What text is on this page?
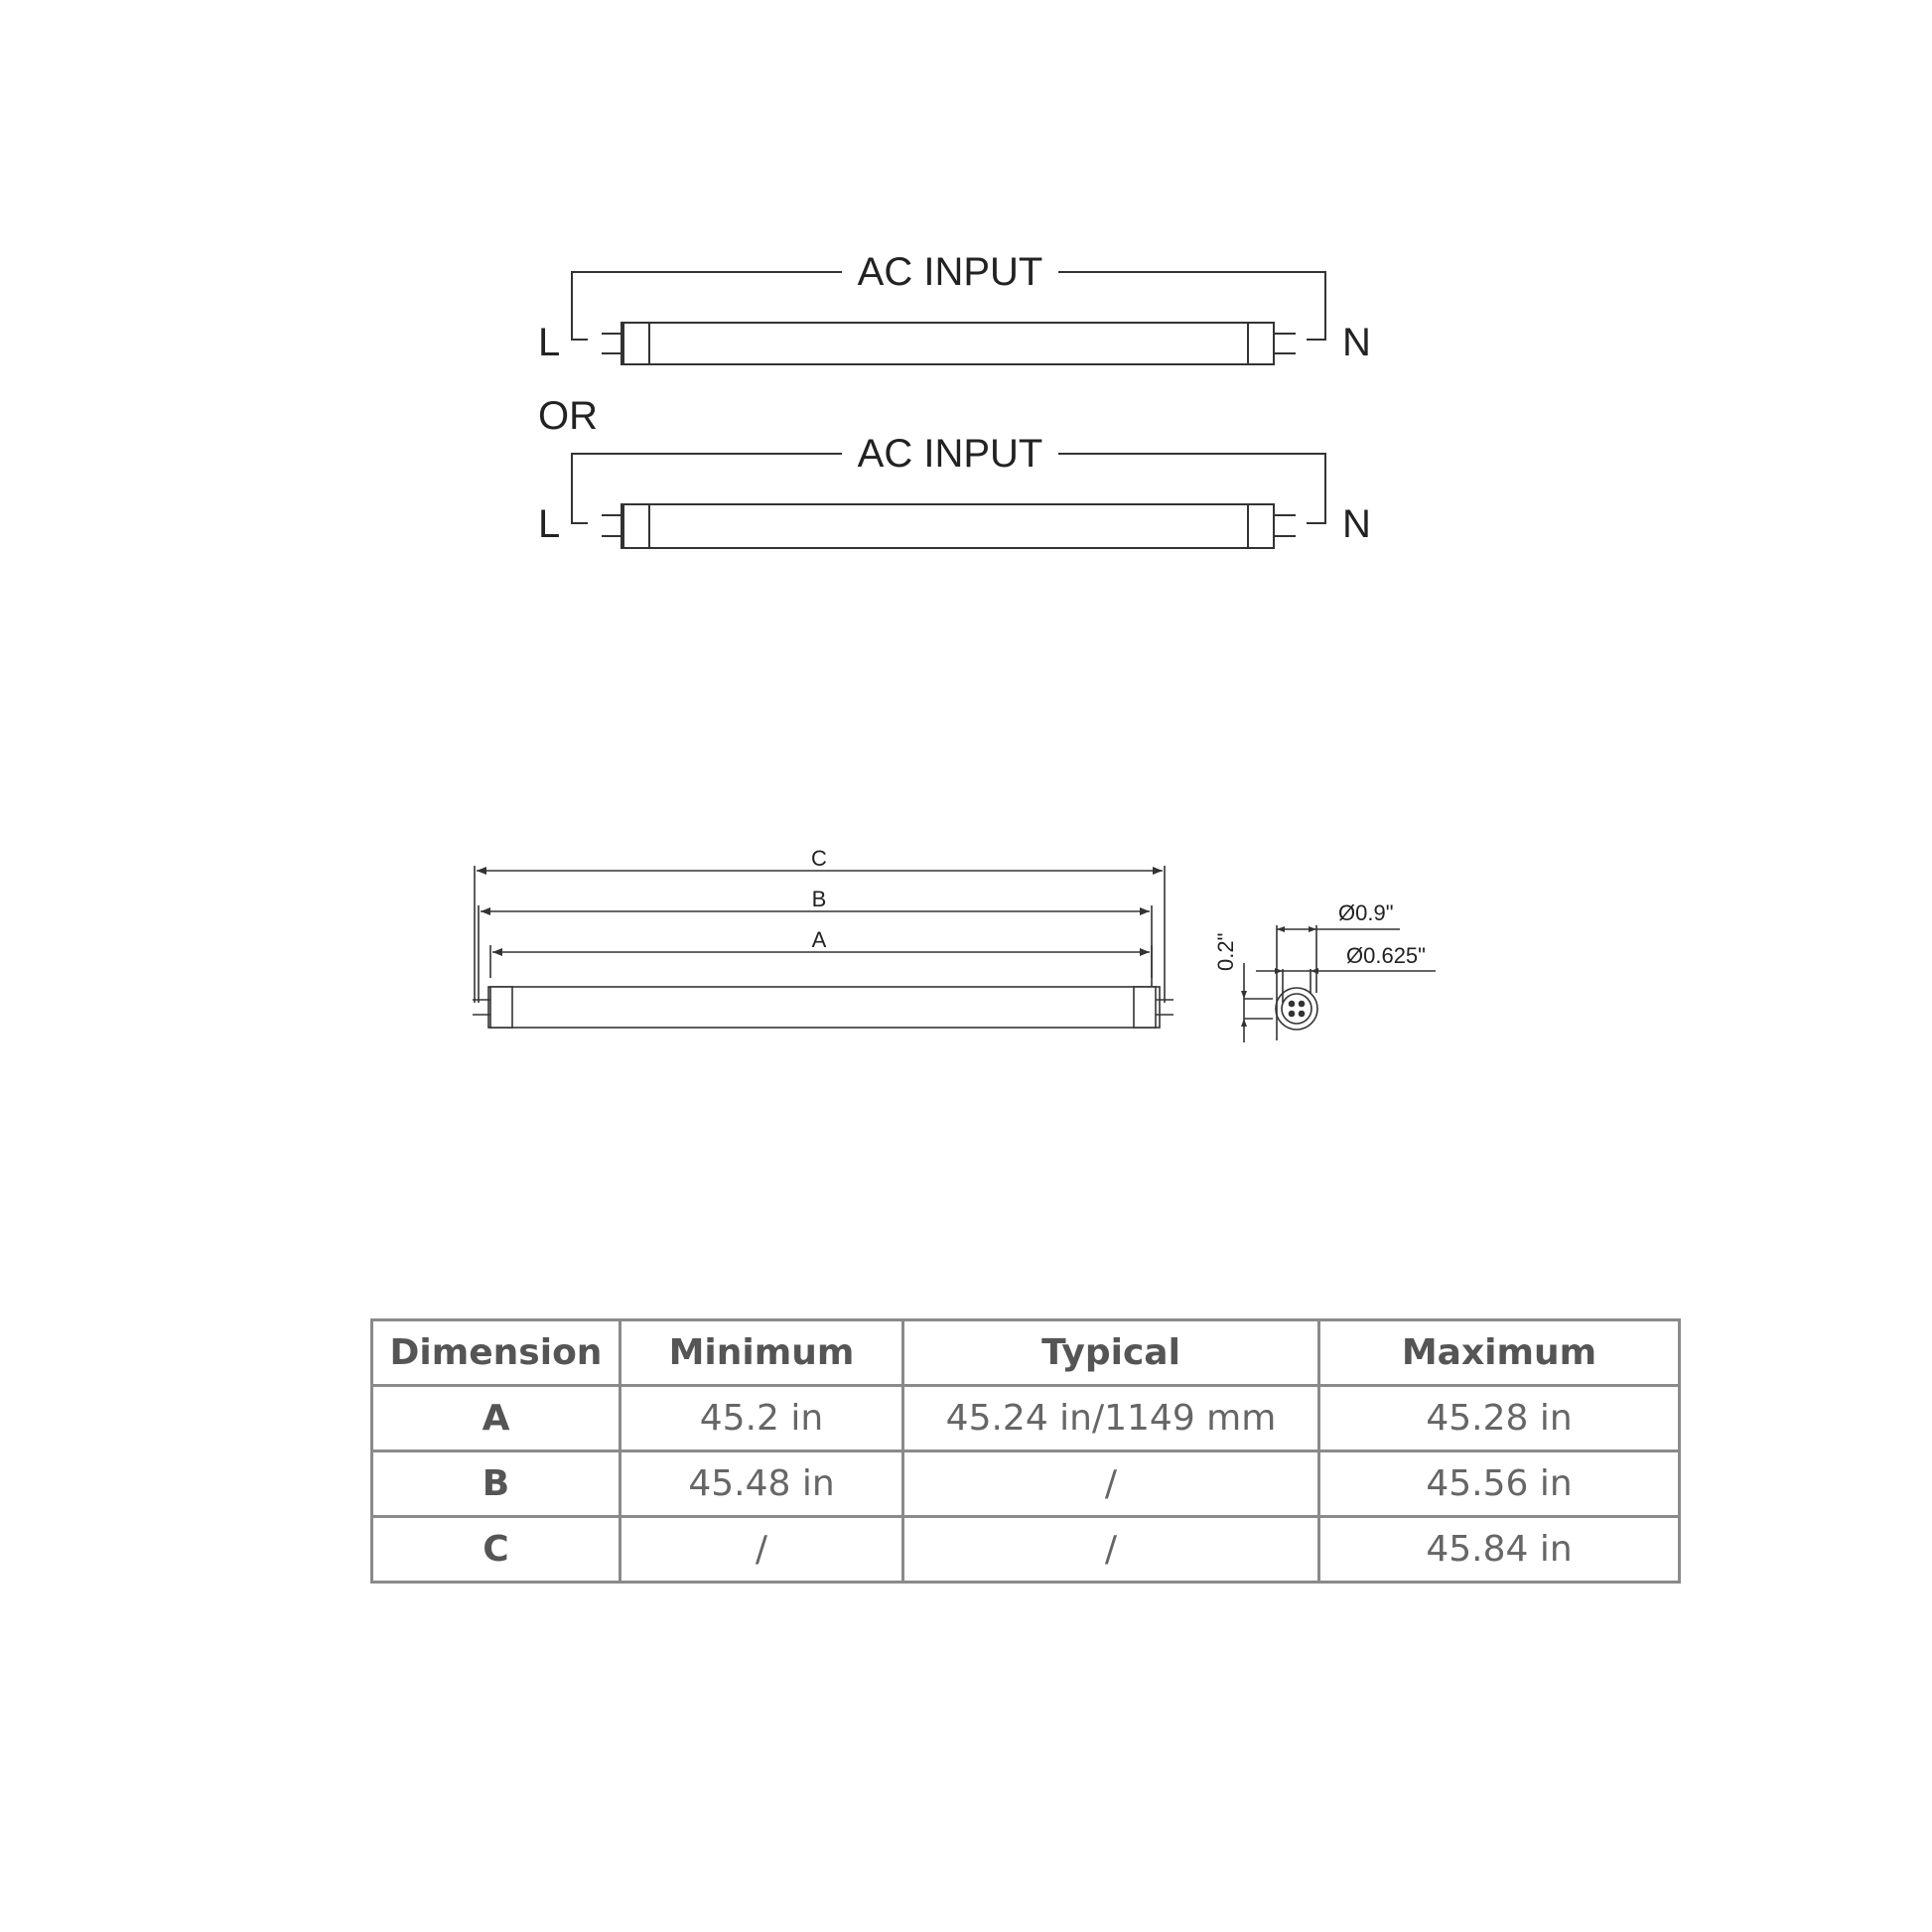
AC INPUT
L	N
OR
AC INPUT
L	N
C
B
A
Ø0.9"
Ø0.625"
0.2"
Dimension	Minimum	Typical	Maximum
A	45.2 in	45.24 in/1149 mm	45.28 in
B	45.48 in	/	45.56 in
C	/	/	45.84 in
